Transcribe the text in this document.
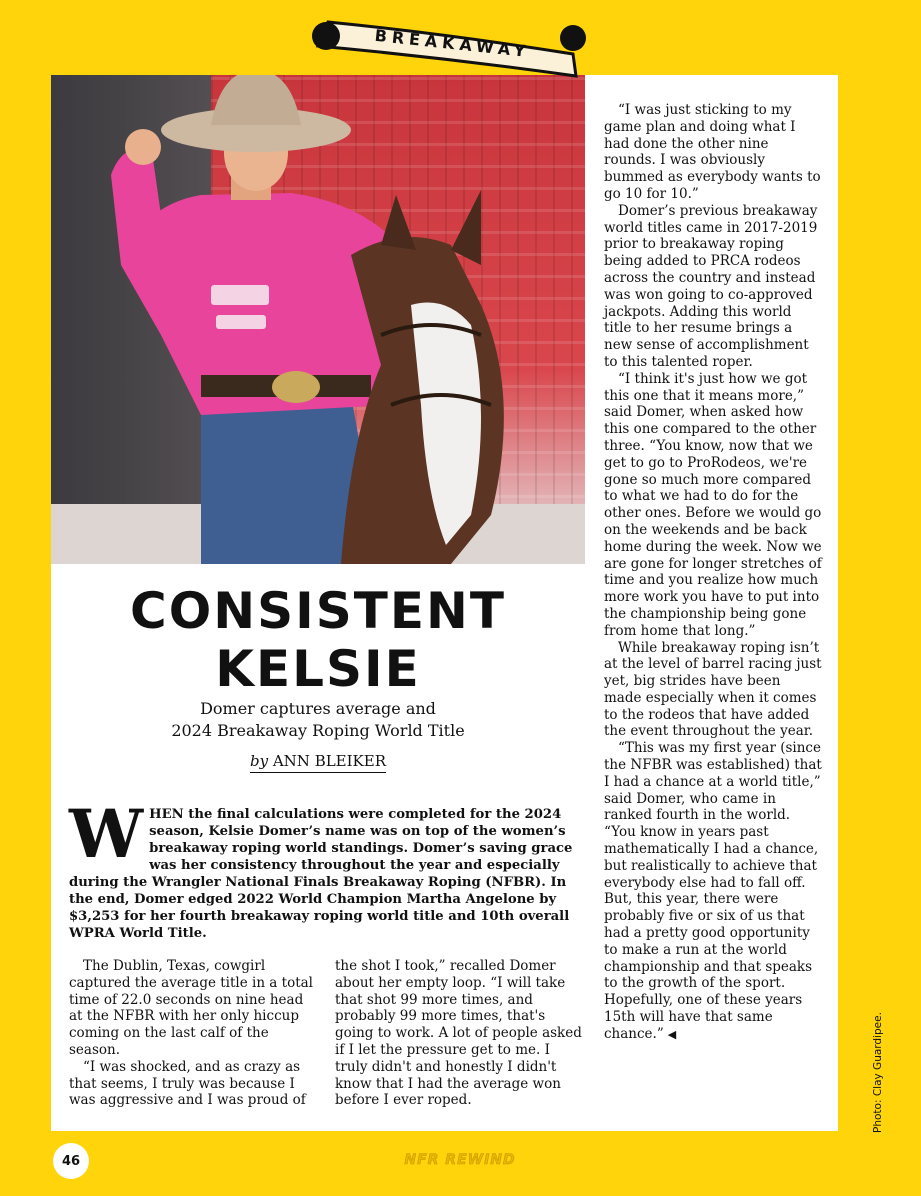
BREAKAWAY
CONSISTENT
KELSIE
Domer captures average and
2024 Breakaway Roping World Title
by ANN BLEIKER
WHEN the final calculations were completed for the 2024 season, Kelsie Domer’s name was on top of the women’s breakaway roping world standings. Domer’s saving grace was her consistency throughout the year and especially during the Wrangler National Finals Breakaway Roping (NFBR). In the end, Domer edged 2022 World Champion Martha Angelone by $3,253 for her fourth breakaway roping world title and 10th overall WPRA World Title.

The Dublin, Texas, cowgirl captured the average title in a total time of 22.0 seconds on nine head at the NFBR with her only hiccup coming on the last calf of the season.

“I was shocked, and as crazy as that seems, I truly was because I was aggressive and I was proud of

the shot I took,” recalled Domer about her empty loop. “I will take that shot 99 more times, and probably 99 more times, that's going to work. A lot of people asked if I let the pressure get to me. I truly didn't and honestly I didn't know that I had the average won before I ever roped.

“I was just sticking to my game plan and doing what I had done the other nine rounds. I was obviously bummed as everybody wants to go 10 for 10.”

Domer’s previous breakaway world titles came in 2017-2019 prior to breakaway roping being added to PRCA rodeos across the country and instead was won going to co-approved jackpots. Adding this world title to her resume brings a new sense of accomplishment to this talented roper.

“I think it's just how we got this one that it means more,” said Domer, when asked how this one compared to the other three. “You know, now that we get to go to ProRodeos, we're gone so much more compared to what we had to do for the other ones. Before we would go on the weekends and be back home during the week. Now we are gone for longer stretches of time and you realize how much more work you have to put into the championship being gone from home that long.”

While breakaway roping isn’t at the level of barrel racing just yet, big strides have been made especially when it comes to the rodeos that have added the event throughout the year.

“This was my first year (since the NFBR was established) that I had a chance at a world title,” said Domer, who came in ranked fourth in the world. “You know in years past mathematically I had a chance, but realistically to achieve that everybody else had to fall off. But, this year, there were probably five or six of us that had a pretty good opportunity to make a run at the world championship and that speaks to the growth of the sport. Hopefully, one of these years 15th will have that same chance.” ◀

46	NFR REWIND
Photo: Clay Guardipee.
